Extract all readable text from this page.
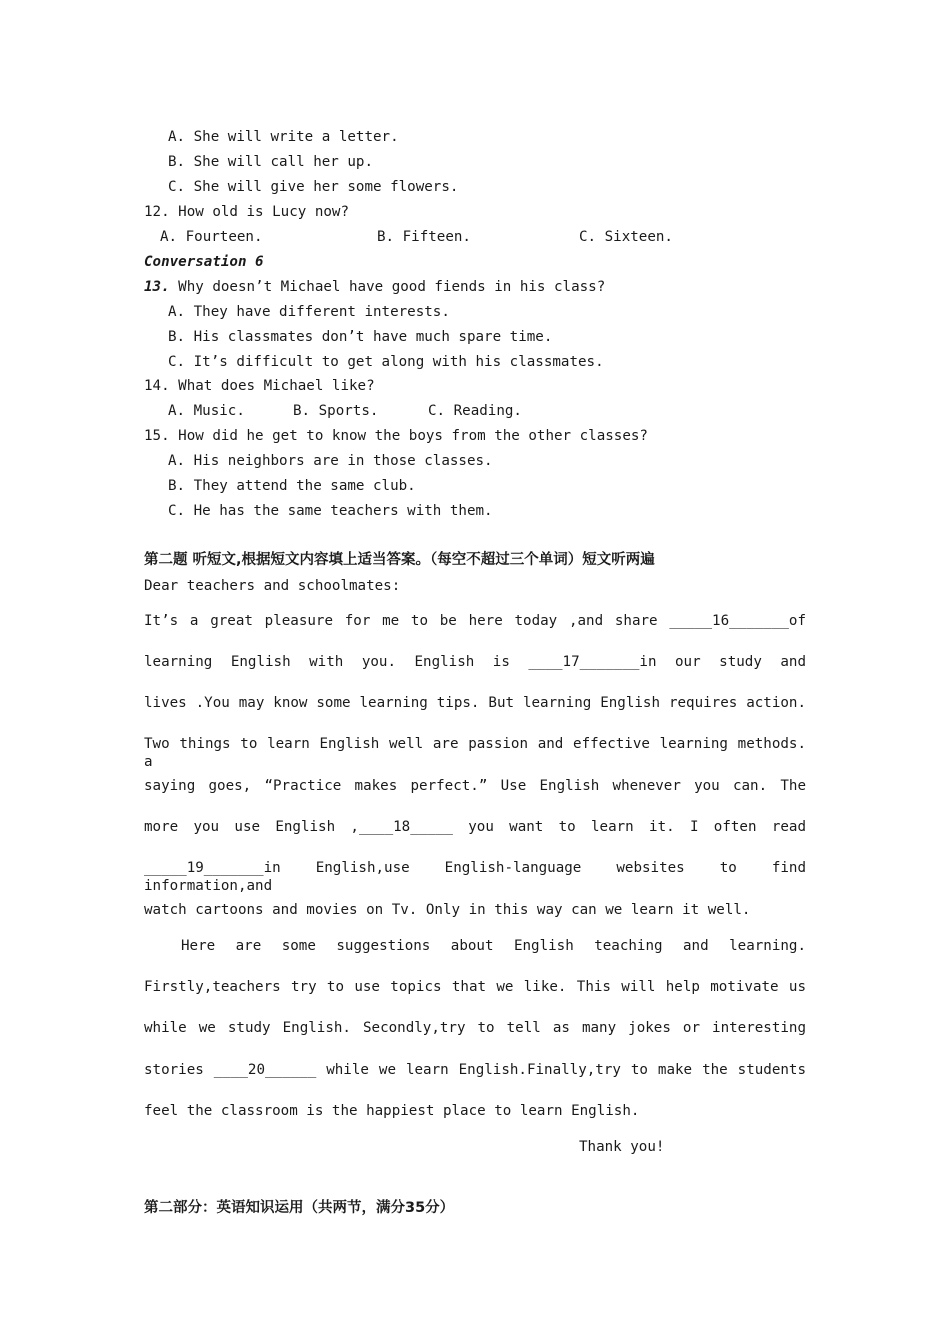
A. She will write a letter.
B. She will call her up.
C. She will give her some flowers.
12. How old is Lucy now?
A. Fourteen.	B. Fifteen.	C. Sixteen.
Conversation 6
13. Why doesn’t Michael have good fiends in his class?
A. They have different interests.
B. His classmates don’t have much spare time.
C. It’s difficult to get along with his classmates.
14. What does Michael like?
A. Music.	B. Sports.	C. Reading.
15. How did he get to know the boys from the other classes?
A. His neighbors are in those classes.
B. They attend the same club.
C. He has the same teachers with them.
第二题 听短文,根据短文内容填上适当答案。（每空不超过三个单词）短文听两遍
Dear teachers and schoolmates:
It’s a great pleasure for me to be here today ,and share _____16_______of
learning English with you. English is ____17_______in our study and
lives .You may know some learning tips. But learning English requires action.
Two things to learn English well are passion and effective learning methods. a
saying goes, “Practice makes perfect.” Use English whenever you can. The
more you use English ,____18_____ you want to learn it. I often read
_____19_______in English,use English-language websites to find information,and
watch cartoons and movies on Tv. Only in this way can we learn it well.
Here are some suggestions about English teaching and learning.
Firstly,teachers try to use topics that we like. This will help motivate us
while we study English. Secondly,try to tell as many jokes or interesting
stories ____20______ while we learn English.Finally,try to make the students
feel the classroom is the happiest place to learn English.
Thank you!
第二部分：英语知识运用（共两节，满分35分）
